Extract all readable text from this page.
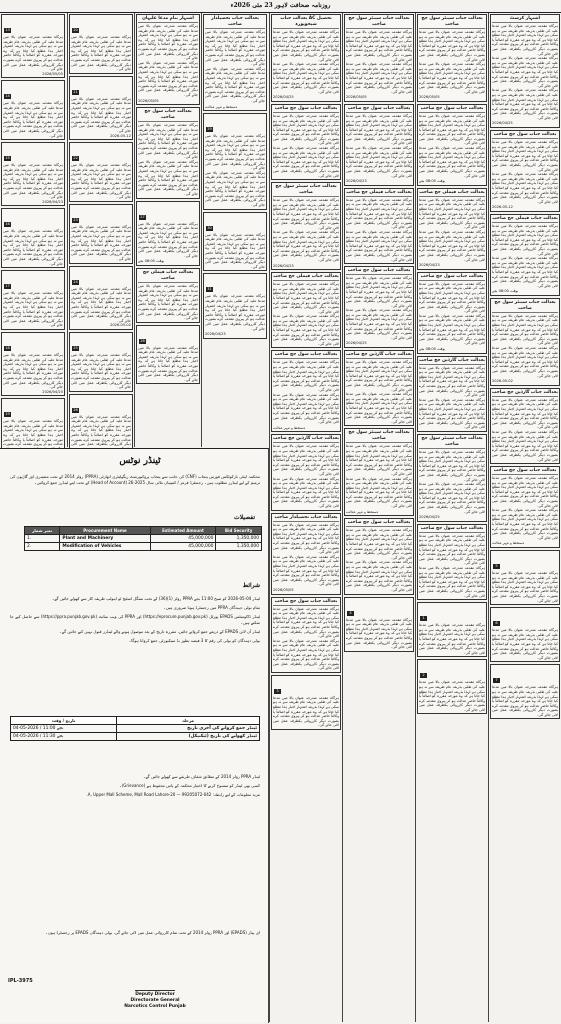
روزنامہ صحافت لاہور 23 مئی 2026ء
13
ہرگاہ مقدمہ مندرجہ عنوان بالا میں مدعا علیہ کی طلبی بذریعہ عام طریقہ سے نہ ہو سکی ہے لہذا بذریعہ اشتہار اخبار ہذا مطلع کیا جاتا ہے کہ وہ مورخہ مقررہ کو اصالتاً یا وکالتاً حاضر عدالت ہو کر پیروی مقدمہ کرے بصورت دیگر کارروائی یکطرفہ عمل میں لائی جائے گی۔
2026/05/05
14
ہرگاہ مقدمہ مندرجہ عنوان بالا میں مدعا علیہ کی طلبی بذریعہ عام طریقہ سے نہ ہو سکی ہے لہذا بذریعہ اشتہار اخبار ہذا مطلع کیا جاتا ہے کہ وہ مورخہ مقررہ کو اصالتاً یا وکالتاً حاضر عدالت ہو کر پیروی مقدمہ کرے بصورت دیگر کارروائی یکطرفہ عمل میں لائی جائے گی۔
15
ہرگاہ مقدمہ مندرجہ عنوان بالا میں مدعا علیہ کی طلبی بذریعہ عام طریقہ سے نہ ہو سکی ہے لہذا بذریعہ اشتہار اخبار ہذا مطلع کیا جاتا ہے کہ وہ مورخہ مقررہ کو اصالتاً یا وکالتاً حاضر عدالت ہو کر پیروی مقدمہ کرے بصورت دیگر کارروائی یکطرفہ عمل میں لائی جائے گی۔
2026/04/23
16
ہرگاہ مقدمہ مندرجہ عنوان بالا میں مدعا علیہ کی طلبی بذریعہ عام طریقہ سے نہ ہو سکی ہے لہذا بذریعہ اشتہار اخبار ہذا مطلع کیا جاتا ہے کہ وہ مورخہ مقررہ کو اصالتاً یا وکالتاً حاضر عدالت ہو کر پیروی مقدمہ کرے بصورت دیگر کارروائی یکطرفہ عمل میں لائی جائے گی۔
17
ہرگاہ مقدمہ مندرجہ عنوان بالا میں مدعا علیہ کی طلبی بذریعہ عام طریقہ سے نہ ہو سکی ہے لہذا بذریعہ اشتہار اخبار ہذا مطلع کیا جاتا ہے کہ وہ مورخہ مقررہ کو اصالتاً یا وکالتاً حاضر عدالت ہو کر پیروی مقدمہ کرے بصورت دیگر کارروائی یکطرفہ عمل میں لائی جائے گی۔
18
ہرگاہ مقدمہ مندرجہ عنوان بالا میں مدعا علیہ کی طلبی بذریعہ عام طریقہ سے نہ ہو سکی ہے لہذا بذریعہ اشتہار اخبار ہذا مطلع کیا جاتا ہے کہ وہ مورخہ مقررہ کو اصالتاً یا وکالتاً حاضر عدالت ہو کر پیروی مقدمہ کرے بصورت دیگر کارروائی یکطرفہ عمل میں لائی جائے گی۔
2026/04/25
19
ہرگاہ مقدمہ مندرجہ عنوان بالا میں مدعا علیہ کی طلبی بذریعہ عام طریقہ سے نہ ہو سکی ہے لہذا بذریعہ اشتہار اخبار ہذا مطلع کیا جاتا ہے کہ وہ مورخہ مقررہ کو اصالتاً یا وکالتاً حاضر عدالت ہو کر پیروی مقدمہ کرے بصورت
20
ہرگاہ مقدمہ مندرجہ عنوان بالا میں مدعا علیہ کی طلبی بذریعہ عام طریقہ سے نہ ہو سکی ہے لہذا بذریعہ اشتہار اخبار ہذا مطلع کیا جاتا ہے کہ وہ مورخہ مقررہ کو اصالتاً یا وکالتاً حاضر عدالت ہو کر پیروی مقدمہ کرے بصورت دیگر کارروائی یکطرفہ عمل میں لائی جائے گی۔
21
ہرگاہ مقدمہ مندرجہ عنوان بالا میں مدعا علیہ کی طلبی بذریعہ عام طریقہ سے نہ ہو سکی ہے لہذا بذریعہ اشتہار اخبار ہذا مطلع کیا جاتا ہے کہ وہ مورخہ مقررہ کو اصالتاً یا وکالتاً حاضر عدالت ہو کر پیروی مقدمہ کرے بصورت دیگر کارروائی یکطرفہ عمل میں لائی جائے گی۔
2026-05-12
22
ہرگاہ مقدمہ مندرجہ عنوان بالا میں مدعا علیہ کی طلبی بذریعہ عام طریقہ سے نہ ہو سکی ہے لہذا بذریعہ اشتہار اخبار ہذا مطلع کیا جاتا ہے کہ وہ مورخہ مقررہ کو اصالتاً یا وکالتاً حاضر عدالت ہو کر پیروی مقدمہ کرے بصورت دیگر کارروائی یکطرفہ عمل میں لائی جائے گی۔
23
ہرگاہ مقدمہ مندرجہ عنوان بالا میں مدعا علیہ کی طلبی بذریعہ عام طریقہ سے نہ ہو سکی ہے لہذا بذریعہ اشتہار اخبار ہذا مطلع کیا جاتا ہے کہ وہ مورخہ مقررہ کو اصالتاً یا وکالتاً حاضر عدالت ہو کر پیروی مقدمہ کرے بصورت دیگر کارروائی یکطرفہ عمل میں لائی جائے گی۔
24
ہرگاہ مقدمہ مندرجہ عنوان بالا میں مدعا علیہ کی طلبی بذریعہ عام طریقہ سے نہ ہو سکی ہے لہذا بذریعہ اشتہار اخبار ہذا مطلع کیا جاتا ہے کہ وہ مورخہ مقررہ کو اصالتاً یا وکالتاً حاضر عدالت ہو کر پیروی مقدمہ کرے بصورت دیگر کارروائی یکطرفہ عمل میں لائی جائے گی۔
2026-05-02
25
ہرگاہ مقدمہ مندرجہ عنوان بالا میں مدعا علیہ کی طلبی بذریعہ عام طریقہ سے نہ ہو سکی ہے لہذا بذریعہ اشتہار اخبار ہذا مطلع کیا جاتا ہے کہ وہ مورخہ مقررہ کو اصالتاً یا وکالتاً حاضر عدالت ہو کر پیروی مقدمہ کرے بصورت دیگر کارروائی یکطرفہ عمل میں لائی جائے گی۔
26
ہرگاہ مقدمہ مندرجہ عنوان بالا میں مدعا علیہ کی طلبی بذریعہ عام طریقہ سے نہ ہو سکی ہے لہذا بذریعہ اشتہار اخبار ہذا مطلع کیا جاتا ہے کہ وہ مورخہ مقررہ کو اصالتاً یا وکالتاً حاضر عدالت ہو کر پیروی مقدمہ کرے بصورت دیگر کارروائی یکطرفہ عمل میں لائی
اشتہار بنام مدعا علیہان
ہرگاہ مقدمہ مندرجہ عنوان بالا میں مدعا علیہ کی طلبی بذریعہ عام طریقہ سے نہ ہو سکی ہے لہذا بذریعہ اشتہار اخبار ہذا مطلع کیا جاتا ہے کہ وہ مورخہ مقررہ کو اصالتاً یا وکالتاً حاضر عدالت ہو کر پیروی مقدمہ کرے بصورت دیگر کارروائی یکطرفہ عمل میں لائی جائے گی۔
ہرگاہ مقدمہ مندرجہ عنوان بالا میں مدعا علیہ کی طلبی بذریعہ عام طریقہ سے نہ ہو سکی ہے لہذا بذریعہ اشتہار اخبار ہذا مطلع کیا جاتا ہے کہ وہ مورخہ مقررہ کو اصالتاً یا وکالتاً حاضر عدالت ہو کر پیروی مقدمہ کرے بصورت دیگر کارروائی یکطرفہ عمل میں لائی جائے گی۔
2026/05/05
بعدالت جناب سول جج صاحب
ہرگاہ مقدمہ مندرجہ عنوان بالا میں مدعا علیہ کی طلبی بذریعہ عام طریقہ سے نہ ہو سکی ہے لہذا بذریعہ اشتہار اخبار ہذا مطلع کیا جاتا ہے کہ وہ مورخہ مقررہ کو اصالتاً یا وکالتاً حاضر عدالت ہو کر پیروی مقدمہ کرے بصورت دیگر کارروائی یکطرفہ عمل میں لائی جائے گی۔
ہرگاہ مقدمہ مندرجہ عنوان بالا میں مدعا علیہ کی طلبی بذریعہ عام طریقہ سے نہ ہو سکی ہے لہذا بذریعہ اشتہار اخبار ہذا مطلع کیا جاتا ہے کہ وہ مورخہ مقررہ کو اصالتاً یا وکالتاً حاضر عدالت ہو کر پیروی مقدمہ کرے بصورت دیگر کارروائی یکطرفہ عمل میں لائی جائے گی۔
27
ہرگاہ مقدمہ مندرجہ عنوان بالا میں مدعا علیہ کی طلبی بذریعہ عام طریقہ سے نہ ہو سکی ہے لہذا بذریعہ اشتہار اخبار ہذا مطلع کیا جاتا ہے کہ وہ مورخہ مقررہ کو اصالتاً یا وکالتاً حاضر عدالت ہو کر پیروی مقدمہ کرے بصورت دیگر کارروائی یکطرفہ عمل میں لائی جائے گی۔
بوقت 08:00 بجے
بعدالت جناب فیملی جج صاحب
ہرگاہ مقدمہ مندرجہ عنوان بالا میں مدعا علیہ کی طلبی بذریعہ عام طریقہ سے نہ ہو سکی ہے لہذا بذریعہ اشتہار اخبار ہذا مطلع کیا جاتا ہے کہ وہ مورخہ مقررہ کو اصالتاً یا وکالتاً حاضر عدالت ہو کر پیروی مقدمہ کرے بصورت دیگر کارروائی یکطرفہ عمل میں لائی جائے گی۔
28
ہرگاہ مقدمہ مندرجہ عنوان بالا میں مدعا علیہ کی طلبی بذریعہ عام طریقہ سے نہ ہو سکی ہے لہذا بذریعہ اشتہار اخبار ہذا مطلع کیا جاتا ہے کہ وہ مورخہ مقررہ کو اصالتاً یا وکالتاً حاضر عدالت ہو کر پیروی مقدمہ کرے بصورت دیگر کارروائی یکطرفہ عمل میں لائی جائے گی۔
بعدالت جناب تحصیلدار صاحب
ہرگاہ مقدمہ مندرجہ عنوان بالا میں مدعا علیہ کی طلبی بذریعہ عام طریقہ سے نہ ہو سکی ہے لہذا بذریعہ اشتہار اخبار ہذا مطلع کیا جاتا ہے کہ وہ مورخہ مقررہ کو اصالتاً یا وکالتاً حاضر عدالت ہو کر پیروی مقدمہ کرے بصورت دیگر کارروائی یکطرفہ عمل میں لائی جائے گی۔
ہرگاہ مقدمہ مندرجہ عنوان بالا میں مدعا علیہ کی طلبی بذریعہ عام طریقہ سے نہ ہو سکی ہے لہذا بذریعہ اشتہار اخبار ہذا مطلع کیا جاتا ہے کہ وہ مورخہ مقررہ کو اصالتاً یا وکالتاً حاضر عدالت ہو کر پیروی مقدمہ کرے بصورت دیگر کارروائی یکطرفہ عمل میں لائی جائے گی۔
دستخط و مہر عدالت
29
ہرگاہ مقدمہ مندرجہ عنوان بالا میں مدعا علیہ کی طلبی بذریعہ عام طریقہ سے نہ ہو سکی ہے لہذا بذریعہ اشتہار اخبار ہذا مطلع کیا جاتا ہے کہ وہ مورخہ مقررہ کو اصالتاً یا وکالتاً حاضر عدالت ہو کر پیروی مقدمہ کرے بصورت دیگر کارروائی یکطرفہ عمل میں لائی جائے گی۔
ہرگاہ مقدمہ مندرجہ عنوان بالا میں مدعا علیہ کی طلبی بذریعہ عام طریقہ سے نہ ہو سکی ہے لہذا بذریعہ اشتہار اخبار ہذا مطلع کیا جاتا ہے کہ وہ مورخہ مقررہ کو اصالتاً یا وکالتاً حاضر عدالت ہو کر پیروی مقدمہ کرے بصورت دیگر کارروائی یکطرفہ عمل میں لائی جائے گی۔
30
ہرگاہ مقدمہ مندرجہ عنوان بالا میں مدعا علیہ کی طلبی بذریعہ عام طریقہ سے نہ ہو سکی ہے لہذا بذریعہ اشتہار اخبار ہذا مطلع کیا جاتا ہے کہ وہ مورخہ مقررہ کو اصالتاً یا وکالتاً حاضر عدالت ہو کر پیروی مقدمہ کرے بصورت دیگر کارروائی یکطرفہ عمل میں لائی جائے گی۔
31
ہرگاہ مقدمہ مندرجہ عنوان بالا میں مدعا علیہ کی طلبی بذریعہ عام طریقہ سے نہ ہو سکی ہے لہذا بذریعہ اشتہار اخبار ہذا مطلع کیا جاتا ہے کہ وہ مورخہ مقررہ کو اصالتاً یا وکالتاً حاضر عدالت ہو کر پیروی مقدمہ کرے بصورت دیگر کارروائی یکطرفہ عمل میں لائی جائے گی۔
2026/04/23
ٹینڈر نوٹس
محکمہ اینٹی نارکوٹکس فورس پنجاب (CNF) کی جانب سے پنجاب پروکیورمنٹ ریگولیٹری اتھارٹی (PPRA) رولز 2014 کے تحت مشینری اور گاڑیوں کی ترمیم کے لیے ٹینڈرز مطلوب ہیں۔ رجسٹرڈ فرمز / کمپنیاں مالی سال 2025-26 (Head of Account) کے تحت اپنے ٹینڈرز جمع کروائیں۔
تفصیلات
نمبر شمار	Procurement Name	Estimated Amount	Bid Security
1.	Plant and Machinery	45,000,000	1,350,000
2.	Modification of Vehicles	45,000,000	1,350,000
شرائط
ٹینڈر 04-05-2026 کو صبح 11:00 بجے PPRA رولز (1)(36) کے تحت سنگل اسٹیج ٹو اینولپ طریقہ کار سے کھولے جائیں گے۔
تمام بولی دہندگان PPRA میں رجسٹرڈ ہونا ضروری ہیں۔
ٹینڈر ڈاکومنٹس EPADS پورٹل (https://eprocure.punjab.gov.pk) اور PPRA کی ویب سائٹ (https://ppra.punjab.gov.pk) سے حاصل کیے جا سکتے ہیں۔
ٹینڈر آن لائن EPADS کے ذریعے جمع کروائے جائیں، مقررہ تاریخ کے بعد موصول ہونے والے ٹینڈرز قبول نہیں کیے جائیں گے۔
بولی دہندگان کو بولی کی رقم کا 3 فیصد بطور بڈ سیکیورٹی جمع کروانا ہوگا۔
تاریخ / وقت	مرحلہ
04-05-2026 / 11:00 بجے	ٹینڈر جمع کروانے کی آخری تاریخ
04-05-2026 / 11:30 بجے	ٹینڈر کھولنے کی تاریخ (ٹیکنیکل)
ٹینڈر PPRA رولز 2014 کے مطابق شفاف طریقے سے کھولے جائیں گے۔
کسی بھی ٹینڈر کو منسوخ کرنے کا اختیار محکمہ کے پاس محفوظ ہے (Grievance)۔
مزید معلومات کے لیے رابطہ: 042-99205072 — 20-A, Upper Mall Scheme, Mall Road Lahore.
ای پیڈز (EPADS) اور PPRA رولز 2014 کے تحت تمام کارروائی عمل میں لائی جائے گی، بولی دہندگان EPADS پر رجسٹرڈ ہوں۔
IPL-3975
Deputy Director
Directorate General
Narcotics Control Punjab
بعدالت جناب AC تحصیل شیخوپورہ
ہرگاہ مقدمہ مندرجہ عنوان بالا میں مدعا علیہ کی طلبی بذریعہ عام طریقہ سے نہ ہو سکی ہے لہذا بذریعہ اشتہار اخبار ہذا مطلع کیا جاتا ہے کہ وہ مورخہ مقررہ کو اصالتاً یا وکالتاً حاضر عدالت ہو کر پیروی مقدمہ کرے بصورت دیگر کارروائی یکطرفہ عمل میں لائی جائے گی۔
ہرگاہ مقدمہ مندرجہ عنوان بالا میں مدعا علیہ کی طلبی بذریعہ عام طریقہ سے نہ ہو سکی ہے لہذا بذریعہ اشتہار اخبار ہذا مطلع کیا جاتا ہے کہ وہ مورخہ مقررہ کو اصالتاً یا وکالتاً حاضر عدالت ہو کر پیروی مقدمہ کرے بصورت دیگر کارروائی یکطرفہ عمل میں لائی جائے گی۔
2026/04/25
بعدالت جناب سول جج صاحب
ہرگاہ مقدمہ مندرجہ عنوان بالا میں مدعا علیہ کی طلبی بذریعہ عام طریقہ سے نہ ہو سکی ہے لہذا بذریعہ اشتہار اخبار ہذا مطلع کیا جاتا ہے کہ وہ مورخہ مقررہ کو اصالتاً یا وکالتاً حاضر عدالت ہو کر پیروی مقدمہ کرے بصورت دیگر کارروائی یکطرفہ عمل میں لائی جائے گی۔
ہرگاہ مقدمہ مندرجہ عنوان بالا میں مدعا علیہ کی طلبی بذریعہ عام طریقہ سے نہ ہو سکی ہے لہذا بذریعہ اشتہار اخبار ہذا مطلع کیا جاتا ہے کہ وہ مورخہ مقررہ کو اصالتاً یا وکالتاً حاضر عدالت ہو کر پیروی مقدمہ کرے بصورت دیگر کارروائی یکطرفہ عمل میں لائی جائے گی۔
بعدالت جناب سینئر سول جج صاحب
ہرگاہ مقدمہ مندرجہ عنوان بالا میں مدعا علیہ کی طلبی بذریعہ عام طریقہ سے نہ ہو سکی ہے لہذا بذریعہ اشتہار اخبار ہذا مطلع کیا جاتا ہے کہ وہ مورخہ مقررہ کو اصالتاً یا وکالتاً حاضر عدالت ہو کر پیروی مقدمہ کرے بصورت دیگر کارروائی یکطرفہ عمل میں لائی جائے گی۔
ہرگاہ مقدمہ مندرجہ عنوان بالا میں مدعا علیہ کی طلبی بذریعہ عام طریقہ سے نہ ہو سکی ہے لہذا بذریعہ اشتہار اخبار ہذا مطلع کیا جاتا ہے کہ وہ مورخہ مقررہ کو اصالتاً یا وکالتاً حاضر عدالت ہو کر پیروی مقدمہ کرے بصورت دیگر کارروائی یکطرفہ عمل میں لائی جائے گی۔
2026/04/23
بعدالت جناب فیملی جج صاحب
ہرگاہ مقدمہ مندرجہ عنوان بالا میں مدعا علیہ کی طلبی بذریعہ عام طریقہ سے نہ ہو سکی ہے لہذا بذریعہ اشتہار اخبار ہذا مطلع کیا جاتا ہے کہ وہ مورخہ مقررہ کو اصالتاً یا وکالتاً حاضر عدالت ہو کر پیروی مقدمہ کرے بصورت دیگر کارروائی یکطرفہ عمل میں لائی جائے گی۔
ہرگاہ مقدمہ مندرجہ عنوان بالا میں مدعا علیہ کی طلبی بذریعہ عام طریقہ سے نہ ہو سکی ہے لہذا بذریعہ اشتہار اخبار ہذا مطلع کیا جاتا ہے کہ وہ مورخہ مقررہ کو اصالتاً یا وکالتاً حاضر عدالت ہو کر پیروی مقدمہ کرے بصورت دیگر کارروائی یکطرفہ عمل میں لائی جائے گی۔
بعدالت جناب سول جج صاحب
ہرگاہ مقدمہ مندرجہ عنوان بالا میں مدعا علیہ کی طلبی بذریعہ عام طریقہ سے نہ ہو سکی ہے لہذا بذریعہ اشتہار اخبار ہذا مطلع کیا جاتا ہے کہ وہ مورخہ مقررہ کو اصالتاً یا وکالتاً حاضر عدالت ہو کر پیروی مقدمہ کرے بصورت دیگر کارروائی یکطرفہ عمل میں لائی جائے گی۔
ہرگاہ مقدمہ مندرجہ عنوان بالا میں مدعا علیہ کی طلبی بذریعہ عام طریقہ سے نہ ہو سکی ہے لہذا بذریعہ اشتہار اخبار ہذا مطلع کیا جاتا ہے کہ وہ مورخہ مقررہ کو اصالتاً یا وکالتاً حاضر عدالت ہو کر پیروی مقدمہ کرے بصورت دیگر کارروائی یکطرفہ عمل میں لائی جائے گی۔
دستخط و مہر عدالت
بعدالت جناب گارڈین جج صاحب
ہرگاہ مقدمہ مندرجہ عنوان بالا میں مدعا علیہ کی طلبی بذریعہ عام طریقہ سے نہ ہو سکی ہے لہذا بذریعہ اشتہار اخبار ہذا مطلع کیا جاتا ہے کہ وہ مورخہ مقررہ کو اصالتاً یا وکالتاً حاضر عدالت ہو کر پیروی مقدمہ کرے بصورت دیگر کارروائی یکطرفہ عمل میں لائی جائے گی۔
ہرگاہ مقدمہ مندرجہ عنوان بالا میں مدعا علیہ کی طلبی بذریعہ عام طریقہ سے نہ ہو سکی ہے لہذا بذریعہ اشتہار اخبار ہذا مطلع کیا جاتا ہے کہ وہ مورخہ مقررہ کو اصالتاً یا وکالتاً حاضر عدالت ہو کر پیروی مقدمہ کرے بصورت دیگر کارروائی یکطرفہ عمل میں لائی جائے گی۔
بعدالت جناب تحصیلدار صاحب
ہرگاہ مقدمہ مندرجہ عنوان بالا میں مدعا علیہ کی طلبی بذریعہ عام طریقہ سے نہ ہو سکی ہے لہذا بذریعہ اشتہار اخبار ہذا مطلع کیا جاتا ہے کہ وہ مورخہ مقررہ کو اصالتاً یا وکالتاً حاضر عدالت ہو کر پیروی مقدمہ کرے بصورت دیگر کارروائی یکطرفہ عمل میں لائی جائے گی۔
ہرگاہ مقدمہ مندرجہ عنوان بالا میں مدعا علیہ کی طلبی بذریعہ عام طریقہ سے نہ ہو سکی ہے لہذا بذریعہ اشتہار اخبار ہذا مطلع کیا جاتا ہے کہ وہ مورخہ مقررہ کو اصالتاً یا وکالتاً حاضر عدالت ہو کر پیروی مقدمہ کرے بصورت دیگر کارروائی یکطرفہ عمل میں لائی جائے گی۔
2026/05/05
بعدالت جناب سول جج صاحب
ہرگاہ مقدمہ مندرجہ عنوان بالا میں مدعا علیہ کی طلبی بذریعہ عام طریقہ سے نہ ہو سکی ہے لہذا بذریعہ اشتہار اخبار ہذا مطلع کیا جاتا ہے کہ وہ مورخہ مقررہ کو اصالتاً یا وکالتاً حاضر عدالت ہو کر پیروی مقدمہ کرے بصورت دیگر کارروائی یکطرفہ عمل میں لائی جائے گی۔
ہرگاہ مقدمہ مندرجہ عنوان بالا میں مدعا علیہ کی طلبی بذریعہ عام طریقہ سے نہ ہو سکی ہے لہذا بذریعہ اشتہار اخبار ہذا مطلع کیا جاتا ہے کہ وہ مورخہ مقررہ کو اصالتاً یا وکالتاً حاضر عدالت ہو کر پیروی مقدمہ کرے بصورت دیگر کارروائی یکطرفہ عمل میں لائی جائے گی۔
3
ہرگاہ مقدمہ مندرجہ عنوان بالا میں مدعا علیہ کی طلبی بذریعہ عام طریقہ سے نہ ہو سکی ہے لہذا بذریعہ اشتہار اخبار ہذا مطلع کیا جاتا ہے کہ وہ مورخہ مقررہ کو اصالتاً یا وکالتاً حاضر عدالت ہو کر پیروی مقدمہ کرے بصورت دیگر کارروائی یکطرفہ عمل میں لائی جائے گی۔
بعدالت جناب سینئر سول جج صاحب
ہرگاہ مقدمہ مندرجہ عنوان بالا میں مدعا علیہ کی طلبی بذریعہ عام طریقہ سے نہ ہو سکی ہے لہذا بذریعہ اشتہار اخبار ہذا مطلع کیا جاتا ہے کہ وہ مورخہ مقررہ کو اصالتاً یا وکالتاً حاضر عدالت ہو کر پیروی مقدمہ کرے بصورت دیگر کارروائی یکطرفہ عمل میں لائی جائے گی۔
ہرگاہ مقدمہ مندرجہ عنوان بالا میں مدعا علیہ کی طلبی بذریعہ عام طریقہ سے نہ ہو سکی ہے لہذا بذریعہ اشتہار اخبار ہذا مطلع کیا جاتا ہے کہ وہ مورخہ مقررہ کو اصالتاً یا وکالتاً حاضر عدالت ہو کر پیروی مقدمہ کرے بصورت دیگر کارروائی یکطرفہ عمل میں لائی جائے گی۔
2026/05/05
بعدالت جناب سول جج صاحب
ہرگاہ مقدمہ مندرجہ عنوان بالا میں مدعا علیہ کی طلبی بذریعہ عام طریقہ سے نہ ہو سکی ہے لہذا بذریعہ اشتہار اخبار ہذا مطلع کیا جاتا ہے کہ وہ مورخہ مقررہ کو اصالتاً یا وکالتاً حاضر عدالت ہو کر پیروی مقدمہ کرے بصورت دیگر کارروائی یکطرفہ عمل میں لائی جائے گی۔
ہرگاہ مقدمہ مندرجہ عنوان بالا میں مدعا علیہ کی طلبی بذریعہ عام طریقہ سے نہ ہو سکی ہے لہذا بذریعہ اشتہار اخبار ہذا مطلع کیا جاتا ہے کہ وہ مورخہ مقررہ کو اصالتاً یا وکالتاً حاضر عدالت ہو کر پیروی مقدمہ کرے بصورت دیگر کارروائی یکطرفہ عمل میں لائی جائے گی۔
2026/04/23
بعدالت جناب فیملی جج صاحب
ہرگاہ مقدمہ مندرجہ عنوان بالا میں مدعا علیہ کی طلبی بذریعہ عام طریقہ سے نہ ہو سکی ہے لہذا بذریعہ اشتہار اخبار ہذا مطلع کیا جاتا ہے کہ وہ مورخہ مقررہ کو اصالتاً یا وکالتاً حاضر عدالت ہو کر پیروی مقدمہ کرے بصورت دیگر کارروائی یکطرفہ عمل میں لائی جائے گی۔
ہرگاہ مقدمہ مندرجہ عنوان بالا میں مدعا علیہ کی طلبی بذریعہ عام طریقہ سے نہ ہو سکی ہے لہذا بذریعہ اشتہار اخبار ہذا مطلع کیا جاتا ہے کہ وہ مورخہ مقررہ کو اصالتاً یا وکالتاً حاضر عدالت ہو کر پیروی مقدمہ کرے بصورت دیگر کارروائی یکطرفہ عمل میں لائی جائے گی۔
بعدالت جناب سول جج صاحب
ہرگاہ مقدمہ مندرجہ عنوان بالا میں مدعا علیہ کی طلبی بذریعہ عام طریقہ سے نہ ہو سکی ہے لہذا بذریعہ اشتہار اخبار ہذا مطلع کیا جاتا ہے کہ وہ مورخہ مقررہ کو اصالتاً یا وکالتاً حاضر عدالت ہو کر پیروی مقدمہ کرے بصورت دیگر کارروائی یکطرفہ عمل میں لائی جائے گی۔
ہرگاہ مقدمہ مندرجہ عنوان بالا میں مدعا علیہ کی طلبی بذریعہ عام طریقہ سے نہ ہو سکی ہے لہذا بذریعہ اشتہار اخبار ہذا مطلع کیا جاتا ہے کہ وہ مورخہ مقررہ کو اصالتاً یا وکالتاً حاضر عدالت ہو کر پیروی مقدمہ کرے بصورت دیگر کارروائی یکطرفہ عمل میں لائی جائے گی۔
2026/04/25
بعدالت جناب گارڈین جج صاحب
ہرگاہ مقدمہ مندرجہ عنوان بالا میں مدعا علیہ کی طلبی بذریعہ عام طریقہ سے نہ ہو سکی ہے لہذا بذریعہ اشتہار اخبار ہذا مطلع کیا جاتا ہے کہ وہ مورخہ مقررہ کو اصالتاً یا وکالتاً حاضر عدالت ہو کر پیروی مقدمہ کرے بصورت دیگر کارروائی یکطرفہ عمل میں لائی جائے گی۔
ہرگاہ مقدمہ مندرجہ عنوان بالا میں مدعا علیہ کی طلبی بذریعہ عام طریقہ سے نہ ہو سکی ہے لہذا بذریعہ اشتہار اخبار ہذا مطلع کیا جاتا ہے کہ وہ مورخہ مقررہ کو اصالتاً یا وکالتاً حاضر عدالت ہو کر پیروی مقدمہ کرے بصورت دیگر کارروائی یکطرفہ عمل میں لائی جائے گی۔
بعدالت جناب سینئر سول جج صاحب
ہرگاہ مقدمہ مندرجہ عنوان بالا میں مدعا علیہ کی طلبی بذریعہ عام طریقہ سے نہ ہو سکی ہے لہذا بذریعہ اشتہار اخبار ہذا مطلع کیا جاتا ہے کہ وہ مورخہ مقررہ کو اصالتاً یا وکالتاً حاضر عدالت ہو کر پیروی مقدمہ کرے بصورت دیگر کارروائی یکطرفہ عمل میں لائی جائے گی۔
ہرگاہ مقدمہ مندرجہ عنوان بالا میں مدعا علیہ کی طلبی بذریعہ عام طریقہ سے نہ ہو سکی ہے لہذا بذریعہ اشتہار اخبار ہذا مطلع کیا جاتا ہے کہ وہ مورخہ مقررہ کو اصالتاً یا وکالتاً حاضر عدالت ہو کر پیروی مقدمہ کرے بصورت دیگر کارروائی یکطرفہ عمل میں لائی جائے گی۔
دستخط و مہر عدالت
بعدالت جناب سول جج صاحب
ہرگاہ مقدمہ مندرجہ عنوان بالا میں مدعا علیہ کی طلبی بذریعہ عام طریقہ سے نہ ہو سکی ہے لہذا بذریعہ اشتہار اخبار ہذا مطلع کیا جاتا ہے کہ وہ مورخہ مقررہ کو اصالتاً یا وکالتاً حاضر عدالت ہو کر پیروی مقدمہ کرے بصورت دیگر کارروائی یکطرفہ عمل میں لائی جائے گی۔
ہرگاہ مقدمہ مندرجہ عنوان بالا میں مدعا علیہ کی طلبی بذریعہ عام طریقہ سے نہ ہو سکی ہے لہذا بذریعہ اشتہار اخبار ہذا مطلع کیا جاتا ہے کہ وہ مورخہ مقررہ کو اصالتاً یا وکالتاً حاضر عدالت ہو کر پیروی مقدمہ کرے بصورت دیگر کارروائی یکطرفہ عمل میں لائی جائے گی۔
4
ہرگاہ مقدمہ مندرجہ عنوان بالا میں مدعا علیہ کی طلبی بذریعہ عام طریقہ سے نہ ہو سکی ہے لہذا بذریعہ اشتہار اخبار ہذا مطلع کیا جاتا ہے کہ وہ مورخہ مقررہ کو اصالتاً یا وکالتاً حاضر عدالت ہو کر پیروی مقدمہ کرے بصورت دیگر کارروائی یکطرفہ عمل میں لائی جائے گی۔
بعدالت جناب سینئر سول جج صاحب
ہرگاہ مقدمہ مندرجہ عنوان بالا میں مدعا علیہ کی طلبی بذریعہ عام طریقہ سے نہ ہو سکی ہے لہذا بذریعہ اشتہار اخبار ہذا مطلع کیا جاتا ہے کہ وہ مورخہ مقررہ کو اصالتاً یا وکالتاً حاضر عدالت ہو کر پیروی مقدمہ کرے بصورت دیگر کارروائی یکطرفہ عمل میں لائی جائے گی۔
ہرگاہ مقدمہ مندرجہ عنوان بالا میں مدعا علیہ کی طلبی بذریعہ عام طریقہ سے نہ ہو سکی ہے لہذا بذریعہ اشتہار اخبار ہذا مطلع کیا جاتا ہے کہ وہ مورخہ مقررہ کو اصالتاً یا وکالتاً حاضر عدالت ہو کر پیروی مقدمہ کرے بصورت دیگر کارروائی یکطرفہ عمل میں لائی جائے گی۔
2026/05/05
بعدالت جناب سول جج صاحب
ہرگاہ مقدمہ مندرجہ عنوان بالا میں مدعا علیہ کی طلبی بذریعہ عام طریقہ سے نہ ہو سکی ہے لہذا بذریعہ اشتہار اخبار ہذا مطلع کیا جاتا ہے کہ وہ مورخہ مقررہ کو اصالتاً یا وکالتاً حاضر عدالت ہو کر پیروی مقدمہ کرے بصورت دیگر کارروائی یکطرفہ عمل میں لائی جائے گی۔
ہرگاہ مقدمہ مندرجہ عنوان بالا میں مدعا علیہ کی طلبی بذریعہ عام طریقہ سے نہ ہو سکی ہے لہذا بذریعہ اشتہار اخبار ہذا مطلع کیا جاتا ہے کہ وہ مورخہ مقررہ کو اصالتاً یا وکالتاً حاضر عدالت ہو کر پیروی مقدمہ کرے بصورت دیگر کارروائی یکطرفہ عمل میں لائی جائے گی۔
بوقت 08:00 بجے
بعدالت جناب فیملی جج صاحب
ہرگاہ مقدمہ مندرجہ عنوان بالا میں مدعا علیہ کی طلبی بذریعہ عام طریقہ سے نہ ہو سکی ہے لہذا بذریعہ اشتہار اخبار ہذا مطلع کیا جاتا ہے کہ وہ مورخہ مقررہ کو اصالتاً یا وکالتاً حاضر عدالت ہو کر پیروی مقدمہ کرے بصورت دیگر کارروائی یکطرفہ عمل میں لائی جائے گی۔
ہرگاہ مقدمہ مندرجہ عنوان بالا میں مدعا علیہ کی طلبی بذریعہ عام طریقہ سے نہ ہو سکی ہے لہذا بذریعہ اشتہار اخبار ہذا مطلع کیا جاتا ہے کہ وہ مورخہ مقررہ کو اصالتاً یا وکالتاً حاضر عدالت ہو کر پیروی مقدمہ کرے بصورت دیگر کارروائی یکطرفہ عمل میں لائی جائے گی۔
2026/04/23
بعدالت جناب سول جج صاحب
ہرگاہ مقدمہ مندرجہ عنوان بالا میں مدعا علیہ کی طلبی بذریعہ عام طریقہ سے نہ ہو سکی ہے لہذا بذریعہ اشتہار اخبار ہذا مطلع کیا جاتا ہے کہ وہ مورخہ مقررہ کو اصالتاً یا وکالتاً حاضر عدالت ہو کر پیروی مقدمہ کرے بصورت دیگر کارروائی یکطرفہ عمل میں لائی جائے گی۔
ہرگاہ مقدمہ مندرجہ عنوان بالا میں مدعا علیہ کی طلبی بذریعہ عام طریقہ سے نہ ہو سکی ہے لہذا بذریعہ اشتہار اخبار ہذا مطلع کیا جاتا ہے کہ وہ مورخہ مقررہ کو اصالتاً یا وکالتاً حاضر عدالت ہو کر پیروی مقدمہ کرے بصورت دیگر کارروائی یکطرفہ عمل میں لائی جائے گی۔
بوقت 08:00 بجے
بعدالت جناب گارڈین جج صاحب
ہرگاہ مقدمہ مندرجہ عنوان بالا میں مدعا علیہ کی طلبی بذریعہ عام طریقہ سے نہ ہو سکی ہے لہذا بذریعہ اشتہار اخبار ہذا مطلع کیا جاتا ہے کہ وہ مورخہ مقررہ کو اصالتاً یا وکالتاً حاضر عدالت ہو کر پیروی مقدمہ کرے بصورت دیگر کارروائی یکطرفہ عمل میں لائی جائے گی۔
ہرگاہ مقدمہ مندرجہ عنوان بالا میں مدعا علیہ کی طلبی بذریعہ عام طریقہ سے نہ ہو سکی ہے لہذا بذریعہ اشتہار اخبار ہذا مطلع کیا جاتا ہے کہ وہ مورخہ مقررہ کو اصالتاً یا وکالتاً حاضر عدالت ہو کر پیروی مقدمہ کرے بصورت دیگر کارروائی یکطرفہ عمل میں لائی جائے گی۔
بعدالت جناب سینئر سول جج صاحب
ہرگاہ مقدمہ مندرجہ عنوان بالا میں مدعا علیہ کی طلبی بذریعہ عام طریقہ سے نہ ہو سکی ہے لہذا بذریعہ اشتہار اخبار ہذا مطلع کیا جاتا ہے کہ وہ مورخہ مقررہ کو اصالتاً یا وکالتاً حاضر عدالت ہو کر پیروی مقدمہ کرے بصورت دیگر کارروائی یکطرفہ عمل میں لائی جائے گی۔
ہرگاہ مقدمہ مندرجہ عنوان بالا میں مدعا علیہ کی طلبی بذریعہ عام طریقہ سے نہ ہو سکی ہے لہذا بذریعہ اشتہار اخبار ہذا مطلع کیا جاتا ہے کہ وہ مورخہ مقررہ کو اصالتاً یا وکالتاً حاضر عدالت ہو کر پیروی مقدمہ کرے بصورت دیگر کارروائی یکطرفہ عمل میں لائی جائے گی۔
2026/04/25
بعدالت جناب سول جج صاحب
ہرگاہ مقدمہ مندرجہ عنوان بالا میں مدعا علیہ کی طلبی بذریعہ عام طریقہ سے نہ ہو سکی ہے لہذا بذریعہ اشتہار اخبار ہذا مطلع کیا جاتا ہے کہ وہ مورخہ مقررہ کو اصالتاً یا وکالتاً حاضر عدالت ہو کر پیروی مقدمہ کرے بصورت دیگر کارروائی یکطرفہ عمل میں لائی جائے گی۔
ہرگاہ مقدمہ مندرجہ عنوان بالا میں مدعا علیہ کی طلبی بذریعہ عام طریقہ سے نہ ہو سکی ہے لہذا بذریعہ اشتہار اخبار ہذا مطلع کیا جاتا ہے کہ وہ مورخہ مقررہ کو اصالتاً یا وکالتاً حاضر عدالت ہو کر پیروی مقدمہ کرے بصورت دیگر کارروائی یکطرفہ عمل میں لائی جائے گی۔
1
ہرگاہ مقدمہ مندرجہ عنوان بالا میں مدعا علیہ کی طلبی بذریعہ عام طریقہ سے نہ ہو سکی ہے لہذا بذریعہ اشتہار اخبار ہذا مطلع کیا جاتا ہے کہ وہ مورخہ مقررہ کو اصالتاً یا وکالتاً حاضر عدالت ہو کر پیروی مقدمہ کرے بصورت دیگر کارروائی یکطرفہ عمل میں لائی جائے گی۔
2
ہرگاہ مقدمہ مندرجہ عنوان بالا میں مدعا علیہ کی طلبی بذریعہ عام طریقہ سے نہ ہو سکی ہے لہذا بذریعہ اشتہار اخبار ہذا مطلع کیا جاتا ہے کہ وہ مورخہ مقررہ کو اصالتاً یا وکالتاً حاضر عدالت ہو کر پیروی مقدمہ کرے بصورت دیگر کارروائی یکطرفہ عمل میں لائی جائے گی۔
اشتہار کرسٹ
ہرگاہ مقدمہ مندرجہ عنوان بالا میں مدعا علیہ کی طلبی بذریعہ عام طریقہ سے نہ ہو سکی ہے لہذا بذریعہ اشتہار اخبار ہذا مطلع کیا جاتا ہے کہ وہ مورخہ مقررہ کو اصالتاً یا وکالتاً حاضر عدالت ہو کر پیروی مقدمہ کرے بصورت دیگر کارروائی یکطرفہ عمل میں لائی جائے گی۔
ہرگاہ مقدمہ مندرجہ عنوان بالا میں مدعا علیہ کی طلبی بذریعہ عام طریقہ سے نہ ہو سکی ہے لہذا بذریعہ اشتہار اخبار ہذا مطلع کیا جاتا ہے کہ وہ مورخہ مقررہ کو اصالتاً یا وکالتاً حاضر عدالت ہو کر پیروی مقدمہ کرے بصورت دیگر کارروائی یکطرفہ عمل میں لائی جائے گی۔
ہرگاہ مقدمہ مندرجہ عنوان بالا میں مدعا علیہ کی طلبی بذریعہ عام طریقہ سے نہ ہو سکی ہے لہذا بذریعہ اشتہار اخبار ہذا مطلع کیا جاتا ہے کہ وہ مورخہ مقررہ کو اصالتاً یا وکالتاً حاضر عدالت ہو کر پیروی مقدمہ کرے بصورت دیگر کارروائی یکطرفہ عمل میں لائی جائے گی۔
2026/04/25
بعدالت جناب سول جج صاحب
ہرگاہ مقدمہ مندرجہ عنوان بالا میں مدعا علیہ کی طلبی بذریعہ عام طریقہ سے نہ ہو سکی ہے لہذا بذریعہ اشتہار اخبار ہذا مطلع کیا جاتا ہے کہ وہ مورخہ مقررہ کو اصالتاً یا وکالتاً حاضر عدالت ہو کر پیروی مقدمہ کرے بصورت دیگر کارروائی یکطرفہ عمل میں لائی جائے گی۔
ہرگاہ مقدمہ مندرجہ عنوان بالا میں مدعا علیہ کی طلبی بذریعہ عام طریقہ سے نہ ہو سکی ہے لہذا بذریعہ اشتہار اخبار ہذا مطلع کیا جاتا ہے کہ وہ مورخہ مقررہ کو اصالتاً یا وکالتاً حاضر عدالت ہو کر پیروی مقدمہ کرے بصورت دیگر کارروائی یکطرفہ عمل میں لائی جائے گی۔
2026-05-12
بعدالت جناب فیملی جج صاحب
ہرگاہ مقدمہ مندرجہ عنوان بالا میں مدعا علیہ کی طلبی بذریعہ عام طریقہ سے نہ ہو سکی ہے لہذا بذریعہ اشتہار اخبار ہذا مطلع کیا جاتا ہے کہ وہ مورخہ مقررہ کو اصالتاً یا وکالتاً حاضر عدالت ہو کر پیروی مقدمہ کرے بصورت دیگر کارروائی یکطرفہ عمل میں لائی جائے گی۔
ہرگاہ مقدمہ مندرجہ عنوان بالا میں مدعا علیہ کی طلبی بذریعہ عام طریقہ سے نہ ہو سکی ہے لہذا بذریعہ اشتہار اخبار ہذا مطلع کیا جاتا ہے کہ وہ مورخہ مقررہ کو اصالتاً یا وکالتاً حاضر عدالت ہو کر پیروی مقدمہ کرے بصورت دیگر کارروائی یکطرفہ عمل میں لائی جائے گی۔
بوقت 08:00 بجے
بعدالت جناب سینئر سول جج صاحب
ہرگاہ مقدمہ مندرجہ عنوان بالا میں مدعا علیہ کی طلبی بذریعہ عام طریقہ سے نہ ہو سکی ہے لہذا بذریعہ اشتہار اخبار ہذا مطلع کیا جاتا ہے کہ وہ مورخہ مقررہ کو اصالتاً یا وکالتاً حاضر عدالت ہو کر پیروی مقدمہ کرے بصورت دیگر کارروائی یکطرفہ عمل میں لائی جائے گی۔
ہرگاہ مقدمہ مندرجہ عنوان بالا میں مدعا علیہ کی طلبی بذریعہ عام طریقہ سے نہ ہو سکی ہے لہذا بذریعہ اشتہار اخبار ہذا مطلع کیا جاتا ہے کہ وہ مورخہ مقررہ کو اصالتاً یا وکالتاً حاضر عدالت ہو کر پیروی مقدمہ کرے بصورت دیگر کارروائی یکطرفہ عمل میں لائی جائے گی۔
2026-05-02
بعدالت جناب گارڈین جج صاحب
ہرگاہ مقدمہ مندرجہ عنوان بالا میں مدعا علیہ کی طلبی بذریعہ عام طریقہ سے نہ ہو سکی ہے لہذا بذریعہ اشتہار اخبار ہذا مطلع کیا جاتا ہے کہ وہ مورخہ مقررہ کو اصالتاً یا وکالتاً حاضر عدالت ہو کر پیروی مقدمہ کرے بصورت دیگر کارروائی یکطرفہ عمل میں لائی جائے گی۔
ہرگاہ مقدمہ مندرجہ عنوان بالا میں مدعا علیہ کی طلبی بذریعہ عام طریقہ سے نہ ہو سکی ہے لہذا بذریعہ اشتہار اخبار ہذا مطلع کیا جاتا ہے کہ وہ مورخہ مقررہ کو اصالتاً یا وکالتاً حاضر عدالت ہو کر پیروی مقدمہ کرے بصورت دیگر کارروائی یکطرفہ عمل میں لائی جائے گی۔
بعدالت جناب سول جج صاحب
ہرگاہ مقدمہ مندرجہ عنوان بالا میں مدعا علیہ کی طلبی بذریعہ عام طریقہ سے نہ ہو سکی ہے لہذا بذریعہ اشتہار اخبار ہذا مطلع کیا جاتا ہے کہ وہ مورخہ مقررہ کو اصالتاً یا وکالتاً حاضر عدالت ہو کر پیروی مقدمہ کرے بصورت دیگر کارروائی یکطرفہ عمل میں لائی جائے گی۔
ہرگاہ مقدمہ مندرجہ عنوان بالا میں مدعا علیہ کی طلبی بذریعہ عام طریقہ سے نہ ہو سکی ہے لہذا بذریعہ اشتہار اخبار ہذا مطلع کیا جاتا ہے کہ وہ مورخہ مقررہ کو اصالتاً یا وکالتاً حاضر عدالت ہو کر پیروی مقدمہ کرے بصورت دیگر کارروائی یکطرفہ عمل میں لائی جائے گی۔
دستخط و مہر عدالت
5
ہرگاہ مقدمہ مندرجہ عنوان بالا میں مدعا علیہ کی طلبی بذریعہ عام طریقہ سے نہ ہو سکی ہے لہذا بذریعہ اشتہار اخبار ہذا مطلع کیا جاتا ہے کہ وہ مورخہ مقررہ کو اصالتاً یا وکالتاً حاضر عدالت ہو کر پیروی مقدمہ کرے بصورت دیگر کارروائی یکطرفہ عمل میں لائی جائے گی۔
6
ہرگاہ مقدمہ مندرجہ عنوان بالا میں مدعا علیہ کی طلبی بذریعہ عام طریقہ سے نہ ہو سکی ہے لہذا بذریعہ اشتہار اخبار ہذا مطلع کیا جاتا ہے کہ وہ مورخہ مقررہ کو اصالتاً یا وکالتاً حاضر عدالت ہو کر پیروی مقدمہ کرے بصورت دیگر کارروائی یکطرفہ عمل میں لائی جائے گی۔
7
ہرگاہ مقدمہ مندرجہ عنوان بالا میں مدعا علیہ کی طلبی بذریعہ عام طریقہ سے نہ ہو سکی ہے لہذا بذریعہ اشتہار اخبار ہذا مطلع کیا جاتا ہے کہ وہ مورخہ مقررہ کو اصالتاً یا وکالتاً حاضر عدالت ہو کر پیروی مقدمہ کرے بصورت دیگر کارروائی یکطرفہ عمل میں لائی جائے گی۔
